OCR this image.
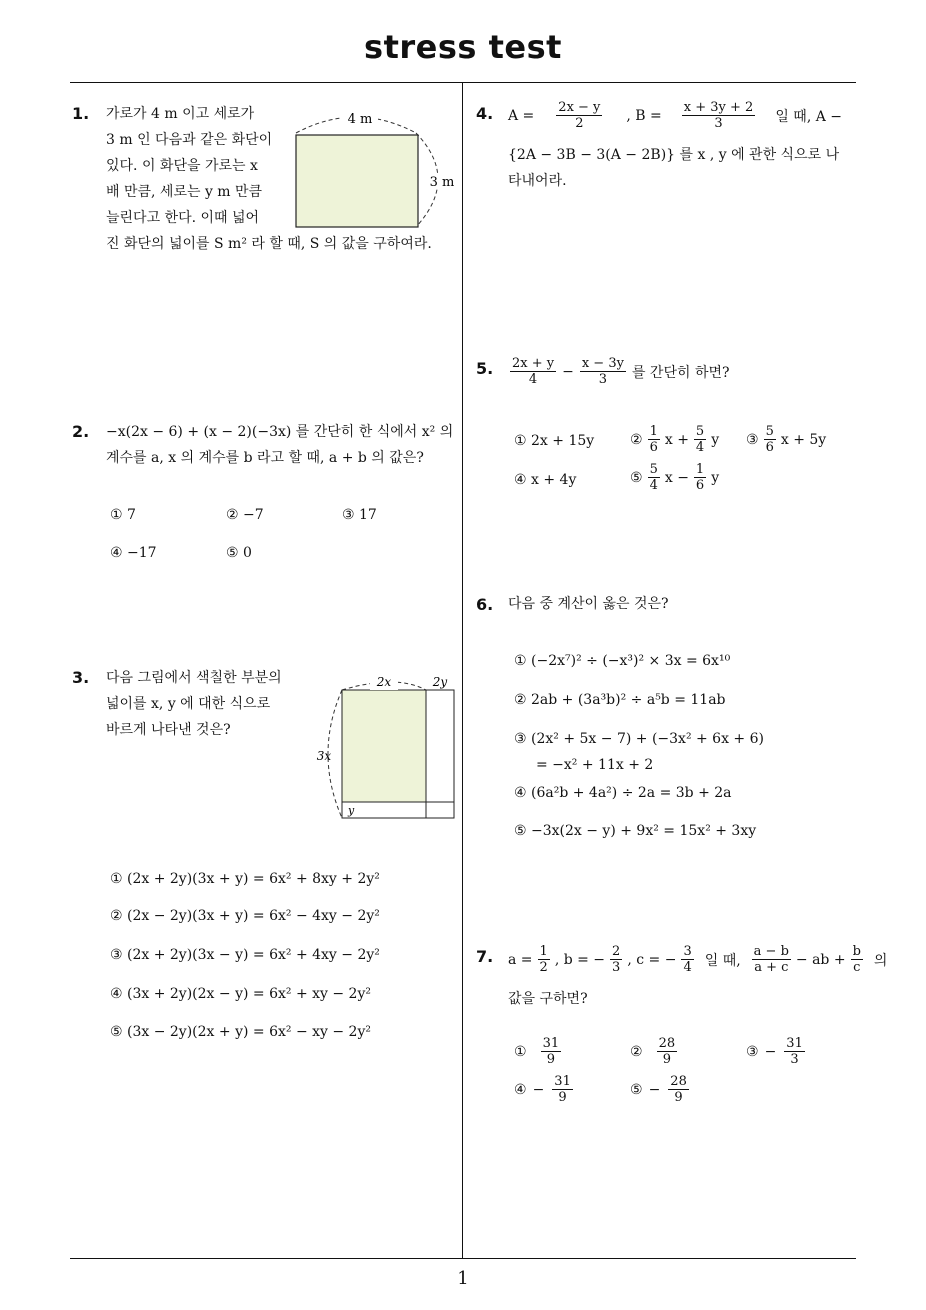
stress test
1
1. 가로가 4 m 이고 세로가
3 m 인 다음과 같은 화단이
있다. 이 화단을 가로는 x
배 만큼, 세로는 y m 만큼
늘린다고 한다. 이때 넓어
진 화단의 넓이를 S m² 라 할 때, S 의 값을 구하여라.
4 m
3 m
2. −x(2x − 6) + (x − 2)(−3x) 를 간단히 한 식에서 x² 의
계수를 a, x 의 계수를 b 라고 할 때, a + b 의 값은?
① 7	② −7	③ 17
④ −17	⑤ 0
3. 다음 그림에서 색칠한 부분의
넓이를 x, y 에 대한 식으로
바르게 나타낸 것은?
2x	2y
3x
y
① (2x + 2y)(3x + y) = 6x² + 8xy + 2y²
② (2x − 2y)(3x + y) = 6x² − 4xy − 2y²
③ (2x + 2y)(3x − y) = 6x² + 4xy − 2y²
④ (3x + 2y)(2x − y) = 6x² + xy − 2y²
⑤ (3x − 2y)(2x + y) = 6x² − xy − 2y²
4. $A = \frac{2x - y}{2}$ , $B = \frac{x + 3y + 2}{3}$ 일 때, A −
{2A − 3B − 3(A − 2B)} 를 x , y 에 관한 식으로 나
타내어라.
5. $\frac{2x + y}{4} - \frac{x - 3y}{3}$ 를 간단히 하면?
① 2x + 15y	② $\frac{1}{6}$ $x + \frac{5}{4}$ y ③ $\frac{5}{6}$ x + 5y
④ x + 4y	⑤ $\frac{5}{4}$ $x - \frac{1}{6}$ y
6. 다음 중 계산이 옳은 것은?
① (−2x⁷)² ÷ (−x³)² × 3x = 6x¹⁰
② 2ab + (3a³b)² ÷ a⁵b = 11ab
③ (2x² + 5x − 7) + (−3x² + 6x + 6)
= −x² + 11x + 2
④ (6a²b + 4a²) ÷ 2a = 3b + 2a
⑤ −3x(2x − y) + 9x² = 15x² + 3xy
7. $a = \frac{1}{2}$ , b = − $\frac{2}{3}$ , c = − $\frac{3}{4}$ 일 때, $\frac{a - b}{a + c}$ − ab + $\frac{b}{c}$ 의
값을 구하면?
① $\frac{31}{9}$	② $\frac{28}{9}$	③ − $\frac{31}{3}$
④ − $\frac{31}{9}$	⑤ − $\frac{28}{9}$
